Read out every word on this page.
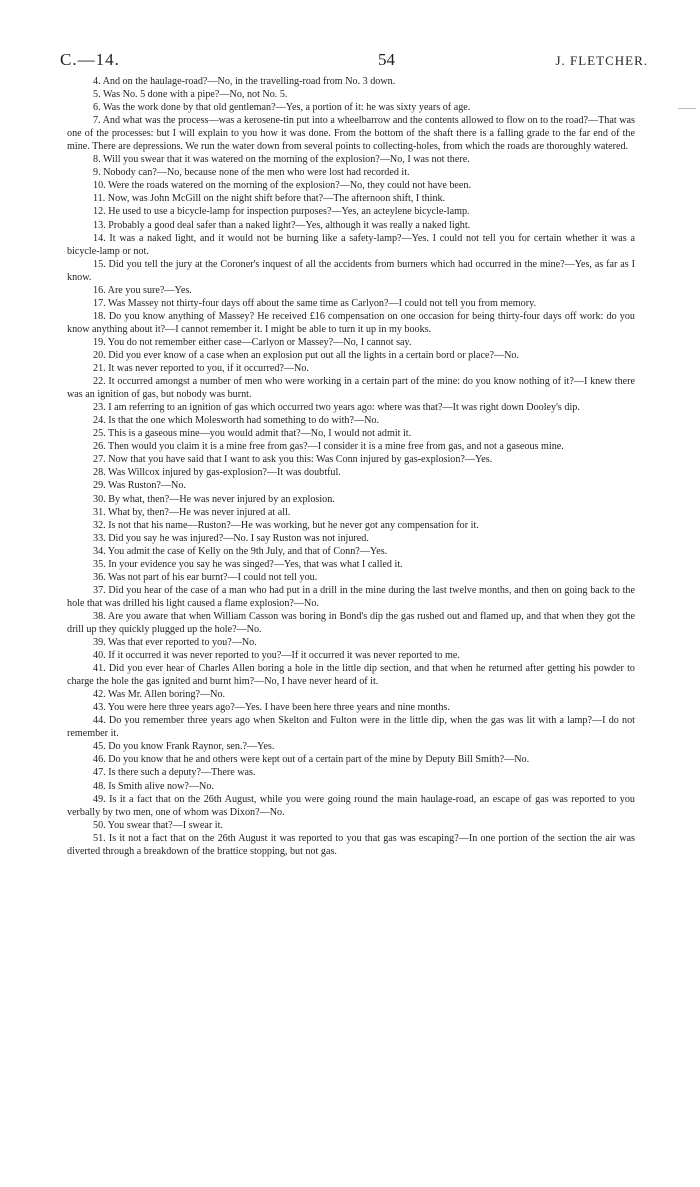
C.—14.	54	J. FLETCHER.

4. And on the haulage-road?—No, in the travelling-road from No. 3 down.

5. Was No. 5 done with a pipe?—No, not No. 5.

6. Was the work done by that old gentleman?—Yes, a portion of it: he was sixty years of age.

7. And what was the process—was a kerosene-tin put into a wheelbarrow and the contents allowed to flow on to the road?—That was one of the processes: but I will explain to you how it was done. From the bottom of the shaft there is a falling grade to the far end of the mine. There are depressions. We run the water down from several points to collecting-holes, from which the roads are thoroughly watered.

8. Will you swear that it was watered on the morning of the explosion?—No, I was not there.

9. Nobody can?—No, because none of the men who were lost had recorded it.

10. Were the roads watered on the morning of the explosion?—No, they could not have been.

11. Now, was John McGill on the night shift before that?—The afternoon shift, I think.

12. He used to use a bicycle-lamp for inspection purposes?—Yes, an acteylene bicycle-lamp.

13. Probably a good deal safer than a naked light?—Yes, although it was really a naked light.

14. It was a naked light, and it would not be burning like a safety-lamp?—Yes. I could not tell you for certain whether it was a bicycle-lamp or not.

15. Did you tell the jury at the Coroner's inquest of all the accidents from burners which had occurred in the mine?—Yes, as far as I know.

16. Are you sure?—Yes.

17. Was Massey not thirty-four days off about the same time as Carlyon?—I could not tell you from memory.

18. Do you know anything of Massey? He received £16 compensation on one occasion for being thirty-four days off work: do you know anything about it?—I cannot remember it. I might be able to turn it up in my books.

19. You do not remember either case—Carlyon or Massey?—No, I cannot say.

20. Did you ever know of a case when an explosion put out all the lights in a certain bord or place?—No.

21. It was never reported to you, if it occurred?—No.

22. It occurred amongst a number of men who were working in a certain part of the mine: do you know nothing of it?—I knew there was an ignition of gas, but nobody was burnt.

23. I am referring to an ignition of gas which occurred two years ago: where was that?—It was right down Dooley's dip.

24. Is that the one which Molesworth had something to do with?—No.

25. This is a gaseous mine—you would admit that?—No, I would not admit it.

26. Then would you claim it is a mine free from gas?—I consider it is a mine free from gas, and not a gaseous mine.

27. Now that you have said that I want to ask you this: Was Conn injured by gas-explosion?—Yes.

28. Was Willcox injured by gas-explosion?—It was doubtful.

29. Was Ruston?—No.

30. By what, then?—He was never injured by an explosion.

31. What by, then?—He was never injured at all.

32. Is not that his name—Ruston?—He was working, but he never got any compensation for it.

33. Did you say he was injured?—No. I say Ruston was not injured.

34. You admit the case of Kelly on the 9th July, and that of Conn?—Yes.

35. In your evidence you say he was singed?—Yes, that was what I called it.

36. Was not part of his ear burnt?—I could not tell you.

37. Did you hear of the case of a man who had put in a drill in the mine during the last twelve months, and then on going back to the hole that was drilled his light caused a flame explosion?—No.

38. Are you aware that when William Casson was boring in Bond's dip the gas rushed out and flamed up, and that when they got the drill up they quickly plugged up the hole?—No.

39. Was that ever reported to you?—No.

40. If it occurred it was never reported to you?—If it occurred it was never reported to me.

41. Did you ever hear of Charles Allen boring a hole in the little dip section, and that when he returned after getting his powder to charge the hole the gas ignited and burnt him?—No, I have never heard of it.

42. Was Mr. Allen boring?—No.

43. You were here three years ago?—Yes. I have been here three years and nine months.

44. Do you remember three years ago when Skelton and Fulton were in the little dip, when the gas was lit with a lamp?—I do not remember it.

45. Do you know Frank Raynor, sen.?—Yes.

46. Do you know that he and others were kept out of a certain part of the mine by Deputy Bill Smith?—No.

47. Is there such a deputy?—There was.

48. Is Smith alive now?—No.

49. Is it a fact that on the 26th August, while you were going round the main haulage-road, an escape of gas was reported to you verbally by two men, one of whom was Dixon?—No.

50. You swear that?—I swear it.

51. Is it not a fact that on the 26th August it was reported to you that gas was escaping?—In one portion of the section the air was diverted through a breakdown of the brattice stopping, but not gas.
